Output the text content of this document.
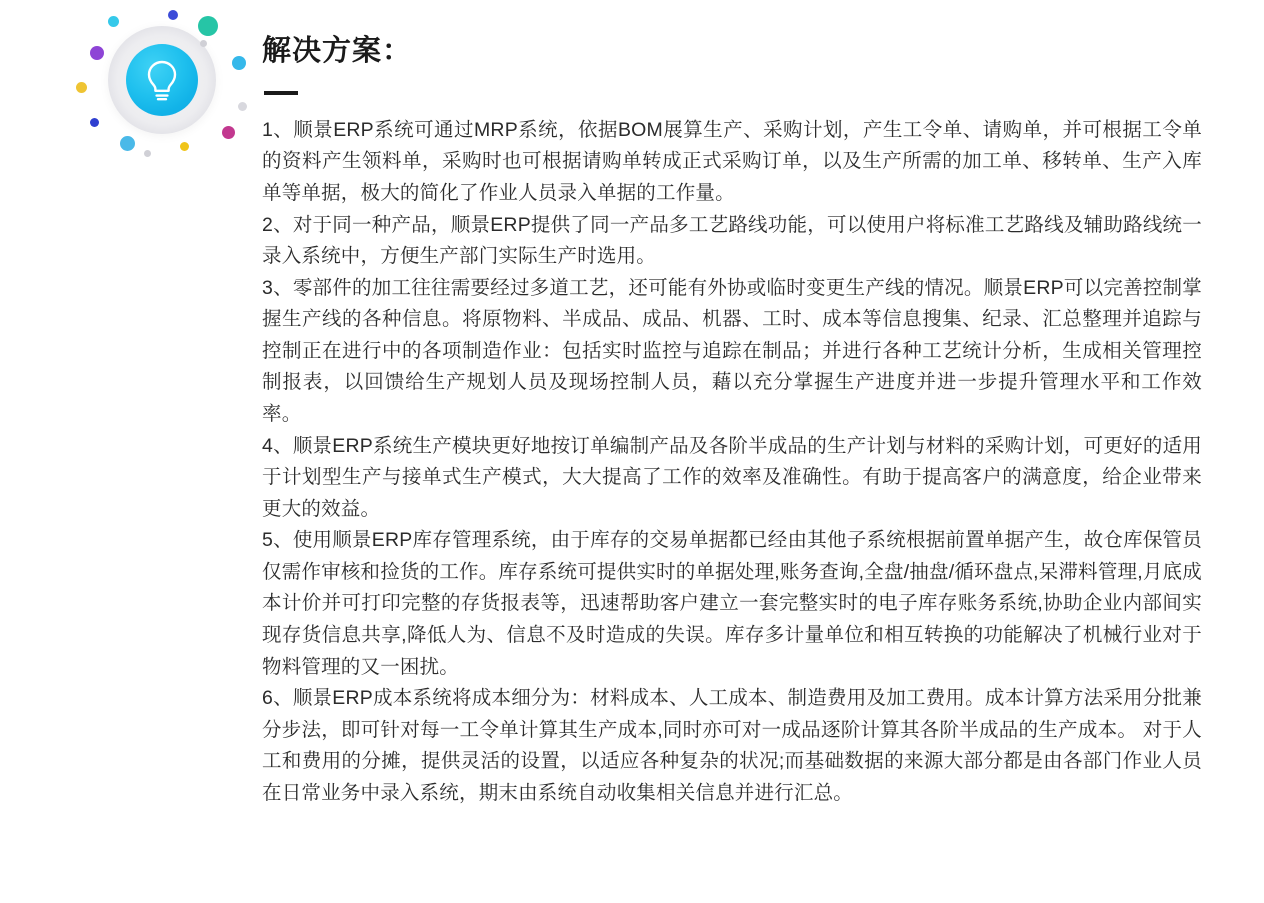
解决方案：

1、顺景ERP系统可通过MRP系统，依据BOM展算生产、采购计划，产生工令单、请购单，并可根据工令单的资料产生领料单，采购时也可根据请购单转成正式采购订单，以及生产所需的加工单、移转单、生产入库单等单据，极大的简化了作业人员录入单据的工作量。

2、对于同一种产品，顺景ERP提供了同一产品多工艺路线功能，可以使用户将标准工艺路线及辅助路线统一录入系统中，方便生产部门实际生产时选用。

3、零部件的加工往往需要经过多道工艺，还可能有外协或临时变更生产线的情况。顺景ERP可以完善控制掌握生产线的各种信息。将原物料、半成品、成品、机器、工时、成本等信息搜集、纪录、汇总整理并追踪与控制正在进行中的各项制造作业：包括实时监控与追踪在制品；并进行各种工艺统计分析，生成相关管理控制报表，以回馈给生产规划人员及现场控制人员，藉以充分掌握生产进度并进一步提升管理水平和工作效率。

4、顺景ERP系统生产模块更好地按订单编制产品及各阶半成品的生产计划与材料的采购计划，可更好的适用于计划型生产与接单式生产模式，大大提高了工作的效率及准确性。有助于提高客户的满意度，给企业带来更大的效益。

5、使用顺景ERP库存管理系统，由于库存的交易单据都已经由其他子系统根据前置单据产生，故仓库保管员仅需作审核和捡货的工作。库存系统可提供实时的单据处理,账务查询,全盘/抽盘/循环盘点,呆滞料管理,月底成本计价并可打印完整的存货报表等，迅速帮助客户建立一套完整实时的电子库存账务系统,协助企业内部间实现存货信息共享,降低人为、信息不及时造成的失误。库存多计量单位和相互转换的功能解决了机械行业对于物料管理的又一困扰。

6、顺景ERP成本系统将成本细分为：材料成本、人工成本、制造费用及加工费用。成本计算方法采用分批兼分步法，即可针对每一工令单计算其生产成本,同时亦可对一成品逐阶计算其各阶半成品的生产成本。 对于人工和费用的分摊，提供灵活的设置，以适应各种复杂的状况;而基础数据的来源大部分都是由各部门作业人员在日常业务中录入系统，期末由系统自动收集相关信息并进行汇总。
